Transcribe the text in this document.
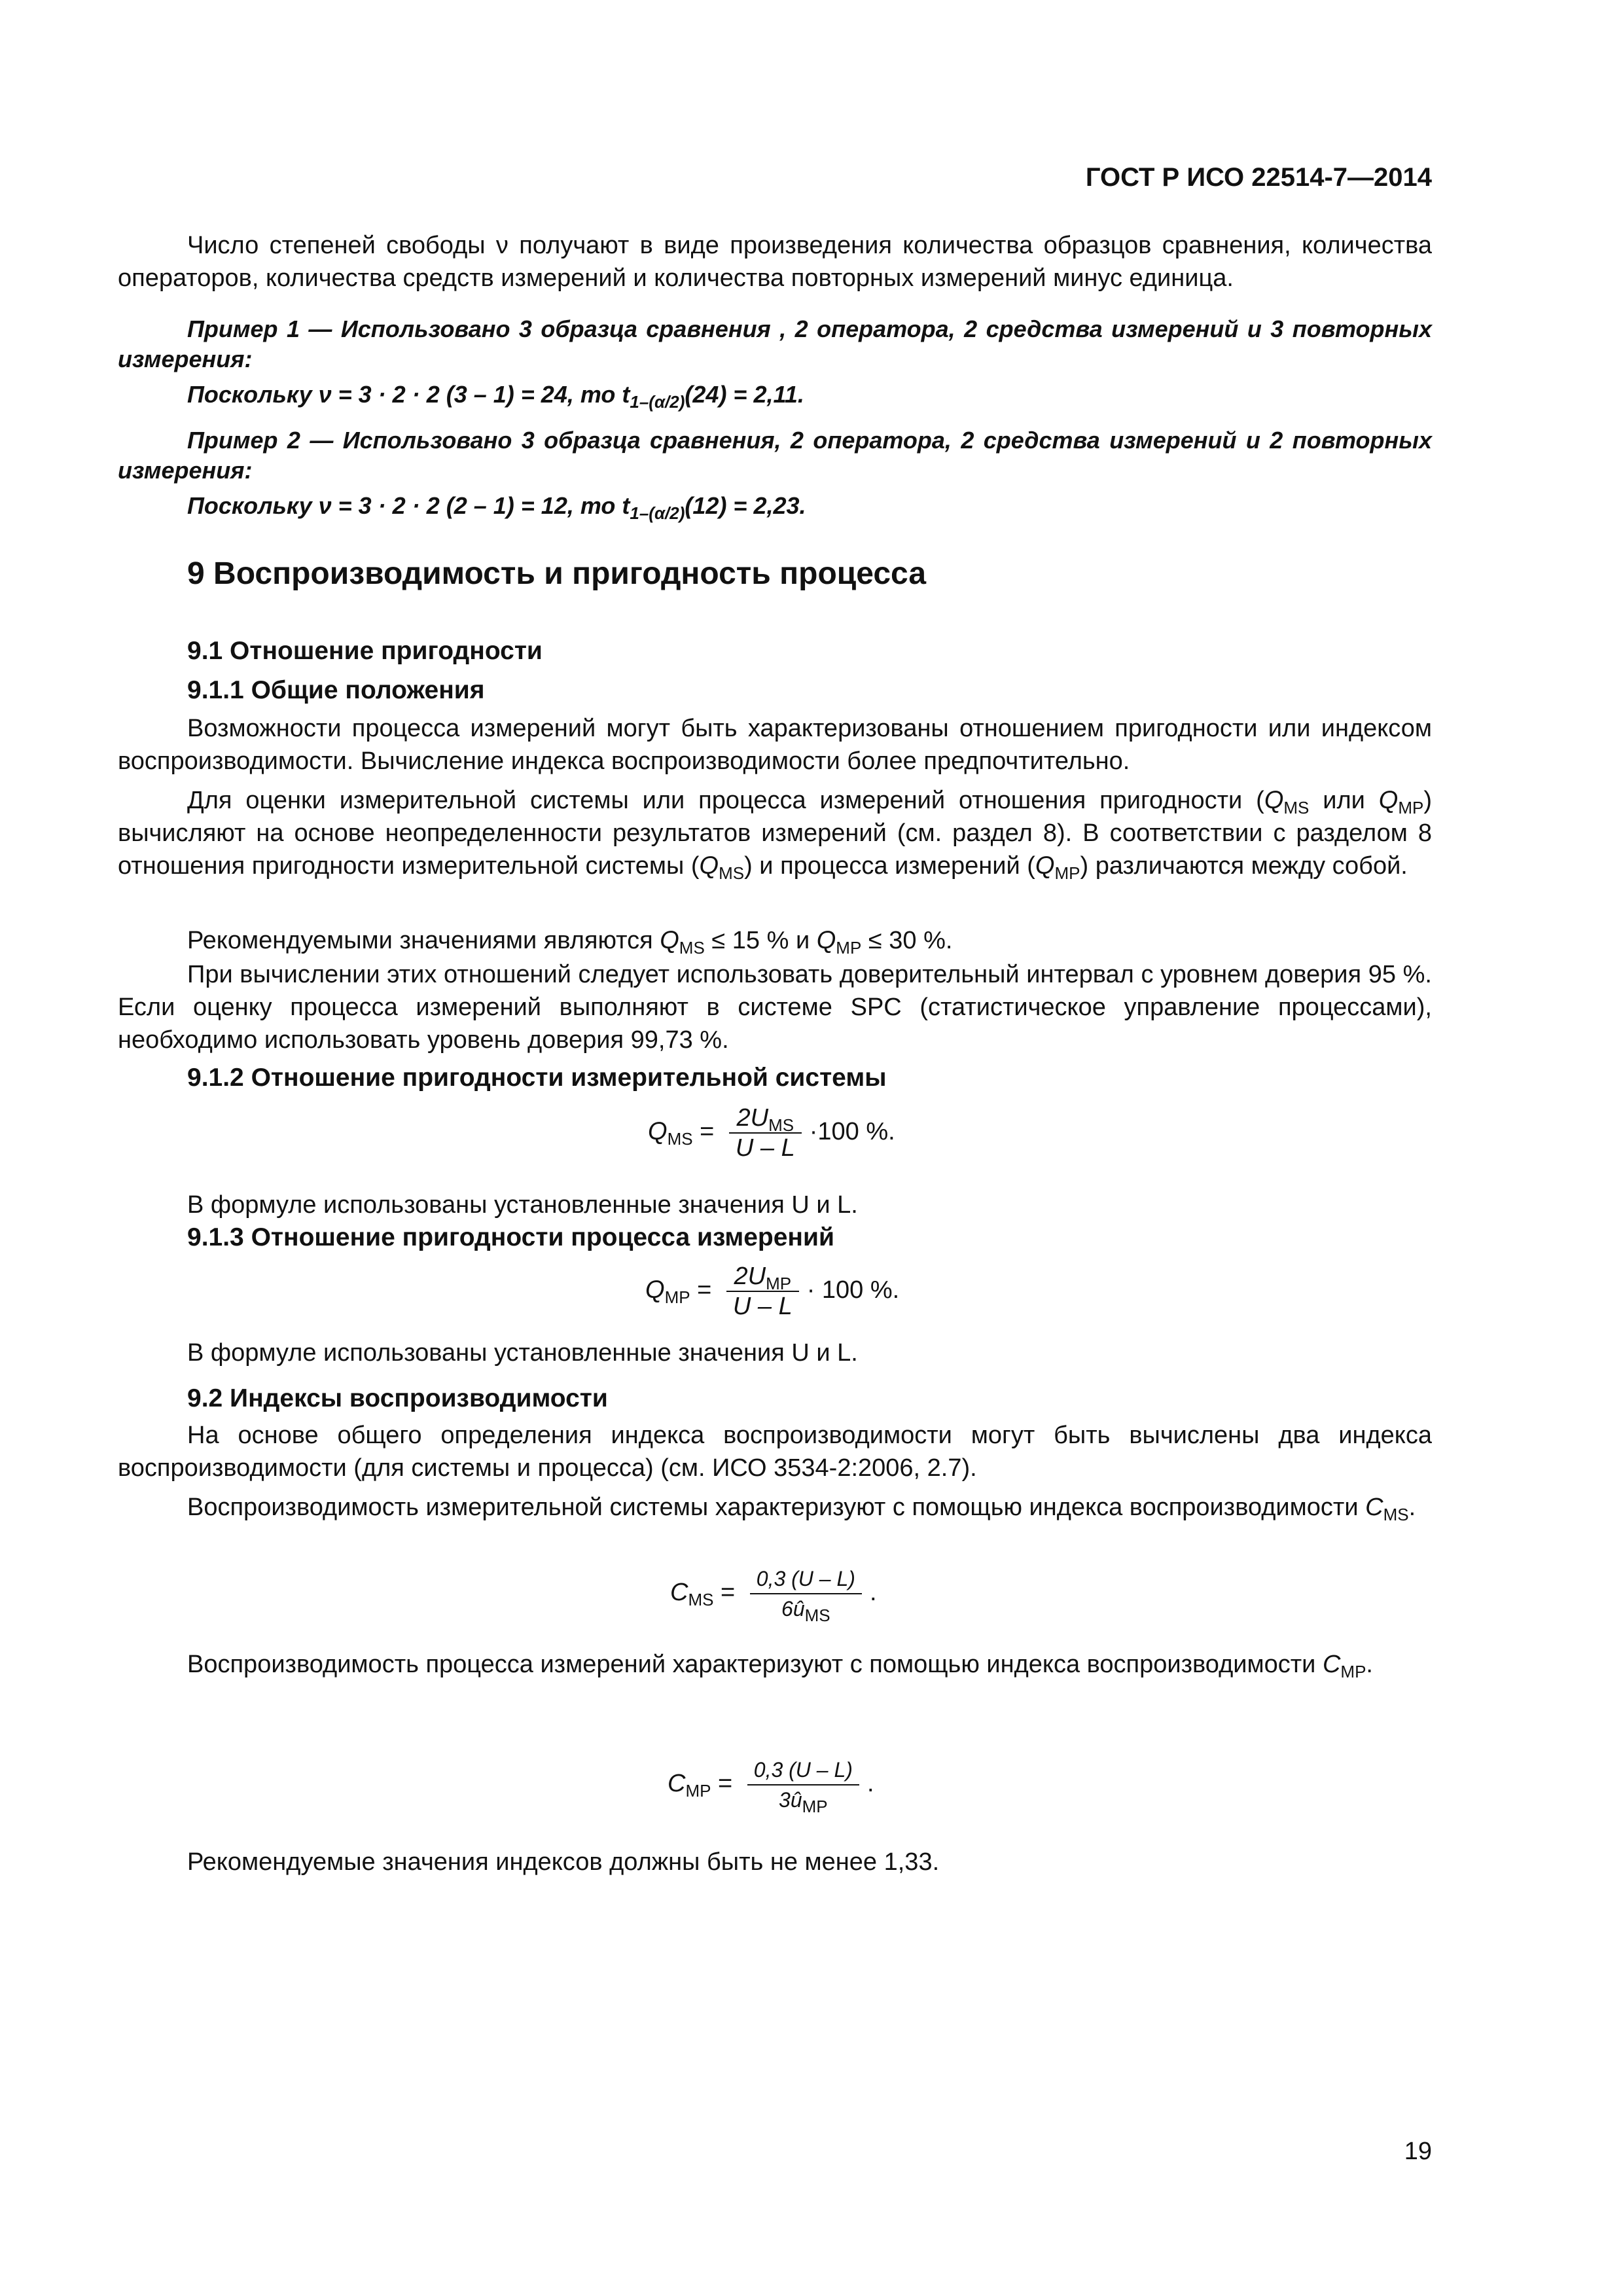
ГОСТ Р ИСО 22514-7—2014

Число степеней свободы ν получают в виде произведения количества образцов сравнения, количества операторов, количества средств измерений и количества повторных измерений минус единица.

Пример 1 — Использовано 3 образца сравнения , 2 оператора, 2 средства измерений и 3 повторных измерения:

Поскольку ν = 3 · 2 · 2 (3 – 1) = 24, то $t_{1-(\alpha/2)}(24) = 2,11$.

Пример 2 — Использовано 3 образца сравнения, 2 оператора, 2 средства измерений и 2 повторных измерения:

Поскольку ν = 3 · 2 · 2 (2 – 1) = 12, то $t_{1-(\alpha/2)}(12) = 2,23$.
9 Воспроизводимость и пригодность процесса
9.1 Отношение пригодности
9.1.1 Общие положения

Возможности процесса измерений могут быть характеризованы отношением пригодности или индексом воспроизводимости. Вычисление индекса воспроизводимости более предпочтительно.

Для оценки измерительной системы или процесса измерений отношения пригодности ($Q_{MS}$ или $Q_{MP}$) вычисляют на основе неопределенности результатов измерений (см. раздел 8). В соответствии с разделом 8 отношения пригодности измерительной системы $(Q_{MS})$ и процесса измерений $(Q_{MP})$ различаются между собой.

Рекомендуемыми значениями являются $Q_{MS} \le 15$ % и $Q_{MP} \le 30$ %.

При вычислении этих отношений следует использовать доверительный интервал с уровнем доверия 95 %. Если оценку процесса измерений выполняют в системе SPC (статистическое управление процессами), необходимо использовать уровень доверия 99,73 %.

9.1.2 Отношение пригодности измерительной системы
$Q_{MS} = \frac{2U_{MS}}{U - L} \cdot 100$ %.
В формуле использованы установленные значения U и L.
9.1.3 Отношение пригодности процесса измерений
$Q_{MP} = \frac{2U_{MP}}{U - L} \cdot 100$ %.
В формуле использованы установленные значения U и L.
9.2 Индексы воспроизводимости

На основе общего определения индекса воспроизводимости могут быть вычислены два индекса воспроизводимости (для системы и процесса) (см. ИСО 3534-2:2006, 2.7).

Воспроизводимость измерительной системы характеризуют с помощью индекса воспроизводимости $C_{MS}$.

$C_{MS} = \frac{0,3 (U - L)}{6û_{MS}}$ .

Воспроизводимость процесса измерений характеризуют с помощью индекса воспроизводимости $C_{MP}$.

$C_{MP} = \frac{0,3 (U - L)}{3û_{MP}}$ .
Рекомендуемые значения индексов должны быть не менее 1,33.
19
